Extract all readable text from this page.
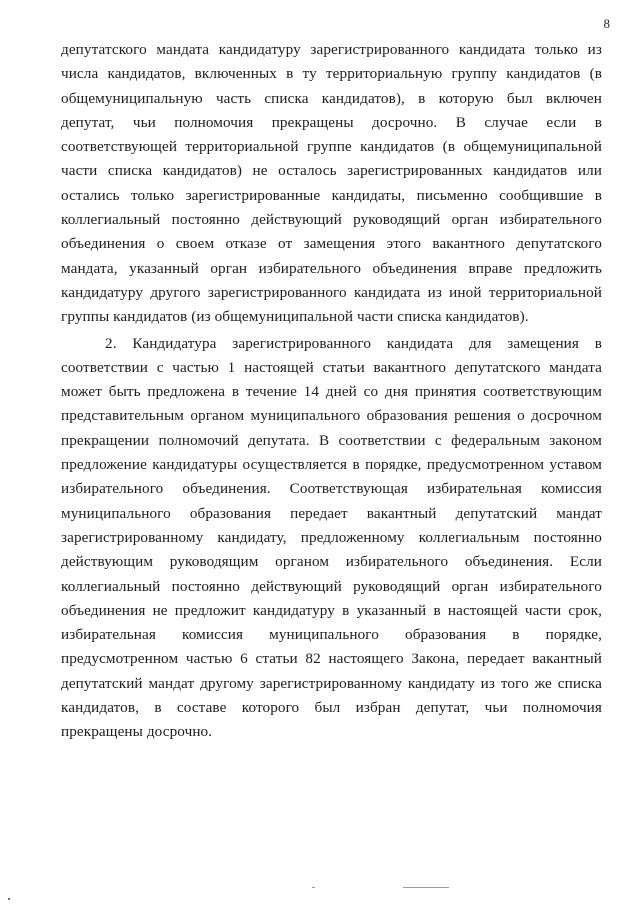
8
депутатского мандата кандидатуру зарегистрированного кандидата только из
числа кандидатов, включенных в ту территориальную группу кандидатов (в
общемуниципальную часть списка кандидатов), в которую был включен
депутат, чьи полномочия прекращены досрочно. В случае если в
соответствующей территориальной группе кандидатов (в общемуниципальной
части списка кандидатов) не осталось зарегистрированных кандидатов или
остались только зарегистрированные кандидаты, письменно сообщившие в
коллегиальный постоянно действующий руководящий орган избирательного
объединения о своем отказе от замещения этого вакантного депутатского
мандата, указанный орган избирательного объединения вправе предложить
кандидатуру другого зарегистрированного кандидата из иной территориальной
группы кандидатов (из общемуниципальной части списка кандидатов).
2. Кандидатура зарегистрированного кандидата для замещения в
соответствии с частью 1 настоящей статьи вакантного депутатского мандата
может быть предложена в течение 14 дней со дня принятия соответствующим
представительным органом муниципального образования решения о досрочном
прекращении полномочий депутата. В соответствии с федеральным законом
предложение кандидатуры осуществляется в порядке, предусмотренном уставом
избирательного объединения. Соответствующая избирательная комиссия
муниципального образования передает вакантный депутатский мандат
зарегистрированному кандидату, предложенному коллегиальным постоянно
действующим руководящим органом избирательного объединения. Если
коллегиальный постоянно действующий руководящий орган избирательного
объединения не предложит кандидатуру в указанный в настоящей части срок,
избирательная комиссия муниципального образования в порядке,
предусмотренном частью 6 статьи 82 настоящего Закона, передает вакантный
депутатский мандат другому зарегистрированному кандидату из того же списка
кандидатов, в составе которого был избран депутат, чьи полномочия
прекращены досрочно.
